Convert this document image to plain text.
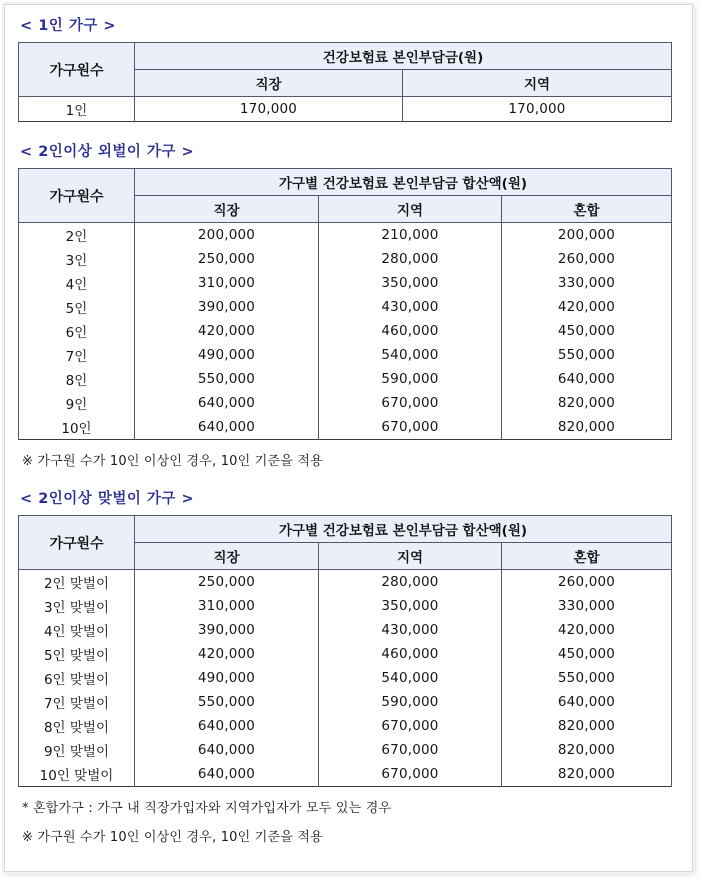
< 1인 가구 >
가구원수	건강보험료 본인부담금(원)	
	직장	지역
1인	170,000	170,000
< 2인이상 외벌이 가구 >
가구원수	가구별 건강보험료 본인부담금 합산액(원)		
	직장	지역	혼합
2인	200,000	210,000	200,000
3인	250,000	280,000	260,000
4인	310,000	350,000	330,000
5인	390,000	430,000	420,000
6인	420,000	460,000	450,000
7인	490,000	540,000	550,000
8인	550,000	590,000	640,000
9인	640,000	670,000	820,000
10인	640,000	670,000	820,000
※ 가구원 수가 10인 이상인 경우, 10인 기준을 적용
< 2인이상 맞벌이 가구 >
가구원수	가구별 건강보험료 본인부담금 합산액(원)		
	직장	지역	혼합
2인 맞벌이	250,000	280,000	260,000
3인 맞벌이	310,000	350,000	330,000
4인 맞벌이	390,000	430,000	420,000
5인 맞벌이	420,000	460,000	450,000
6인 맞벌이	490,000	540,000	550,000
7인 맞벌이	550,000	590,000	640,000
8인 맞벌이	640,000	670,000	820,000
9인 맞벌이	640,000	670,000	820,000
10인 맞벌이	640,000	670,000	820,000
* 혼합가구 : 가구 내 직장가입자와 지역가입자가 모두 있는 경우
※ 가구원 수가 10인 이상인 경우, 10인 기준을 적용
